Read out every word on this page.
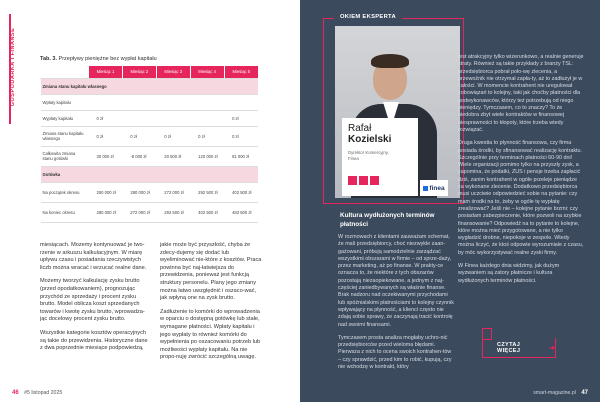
GOSPODARKA I FINANSE	Tab. 3. Przepływy pieniężne bez wypłat kapitału
	Miesiąc 1	Miesiąc 2	Miesiąc 3	Miesiąc 4	Miesiąc 5
Zmiana stanu kapitału własnego					
Wpłaty kapitału					
Wypłaty kapitału	0 zł				0 zł
Zmiana stanu kapitału własnego	0 zł	0 zł	0 zł	0 zł	0 zł
Całkowita zmiana stanu gotówki	30 000 zł	-8 000 zł	20 500 zł	120 000 zł	81 000 zł
Gotówka					
Na początek okresu	250 000 zł	280 000 zł	272 000 zł	292 500 zł	402 500 zł
Na koniec okresu	280 000 zł	272 000 zł	292 500 zł	402 500 zł	483 500 zł

miesiącach. Mozemy kontynuować je two-rzenie w arkuszu kalkulacyjnym. W miarę upływu czasu i posiadania rzeczywistych liczb można wracać i wrzucać realne dane.

Możemy tworzyć kalkulację zysku brutto (przed opodatkowaniem), prognozując przychód ze sprzedaży i procent zysku brutto. Model oblicza koszt sprzedanych towarów i kwotę zysku brutto, wprowadza-jąc docelowy procent zysku brutto.

Wszystkie kategorie kosztów operacyjnych są takie do przewidzenia. Historyczne dane z dwa poprzednie miesiące podpowiedzą,

jakie może być przyszłość, chyba że zdecy-dujemy się dodać lub wyeliminować nie-które z kosztów. Praca powinna być naj-łatwiejsza do przewidzenia, ponieważ jest funkcją struktury personelu. Plany jego zmiany można łatwo uwzględnić i oszaco-wać, jak wpłyną one na zysk brutto.

Zadłużenie to komórki do wprowadzenia w oparciu o dostępną gotówkę lub stałe, wymagane płatności. Wpłaty kapitału i jego wypłaty to również komórki do wypełnienia po oszacowaniu potrzeb lub możliwości wypłaty kapitału. Na nie propo-nuję zwrócić szczególną uwagę.

46 #5 listopad 2025
OKIEM EKSPERTA
Rafał
Kozielski
Dyrektor Komercyjny,
Finea
finea
Kultura wydłużonych terminów płatności

W rozmowach z klientami zauważam schemat, że mali przedsiębiorcy, choć niezwykle zaan-gażowani, próbują samodzielnie zarządzać wszystkimi obszarami w firmie – od sprze-daży, przez marketing, aż po finanse. W prakty-ce oznacza to, że niektóre z tych obszarów pozostają niezaopiekowane, a jednym z naj-częściej zaniedbywanych są właśnie finanse. Brak nadzoru nad oczekiwanymi przychodami lub spóźnialskimi płatnościami to kolejny czynnik wpływający na płynność, a klienci często nie zdają sobie sprawy, że zaczynają tracić kontrolę nad swoimi finansami.

Tymczasem prosta analiza mogłaby uchro-nić przedsiębiorców przed wieloma błędami. Pierwsza z nich to ocena swoich kontrahen-tów – czy sprawdzić, przed kim to robić, kupują, czy nie wchodzę w kontrakt, który

jest atrakcyjny tylko wizerunkowo, a realnie generuje straty. Również są takie przykłady z branży TSL: przedsiębiorca pobrał poło-wę zlecenia, a przewoźnik nie otrzymał zapła-ty, aż to zadłużył je w całości. W momencie kontrahent nie uregulował zobowiązań to kolejny, taki jak choćby płatności dla podwykonawców, którzy też potrzebują od niego pieniędzy. Tymczasem, co to znaczy? To że niedobra zbyt wiele kontraktów w finansowej niesprawności to kłopoty, które trzeba wtedy rozwiązać.

Druga kwestia to płynność finansowa, czy firma posiada środki, by sfinansować realizację kontraktu. Szczególnie przy terminach płatności 60-90 dni! Wiele organizacji pomimo tylko na przyszły zysk, a zapomina, że podatki, ZUS i pensje trzeba zapłacić dziś, zanim kontrahent w ogóle przeleje pieniądze za wykonane zlecenie. Dodatkowo przedsiębiorca musi uczciwie odpowiedzieć sobie na pytanie: czy mam środki na to, żeby w ogóle tę wypłatę zrealizować? Jeśli nie – kolejne pytanie brzmi: czy posiadam zabezpieczenie, które pozwoli na szybkie finansowanie? Odpowiedź na to pytanie to kolejne, które można mieć przygotowane, a nie tylko wygładzić drobne, niepokoje w zespole. Wtedy można liczyć, że ktoś odpowie wyrozumiale z czasu, by móc wykorzystywać realne zyski firmy.

W Finea każdego dnia widzimy, jak dużym wyzwaniem są zatory płatnicze i kultura wydłużonych terminów płatności.

CZYTAJ WIĘCEJ	➜
smart-magazine.pl 47
